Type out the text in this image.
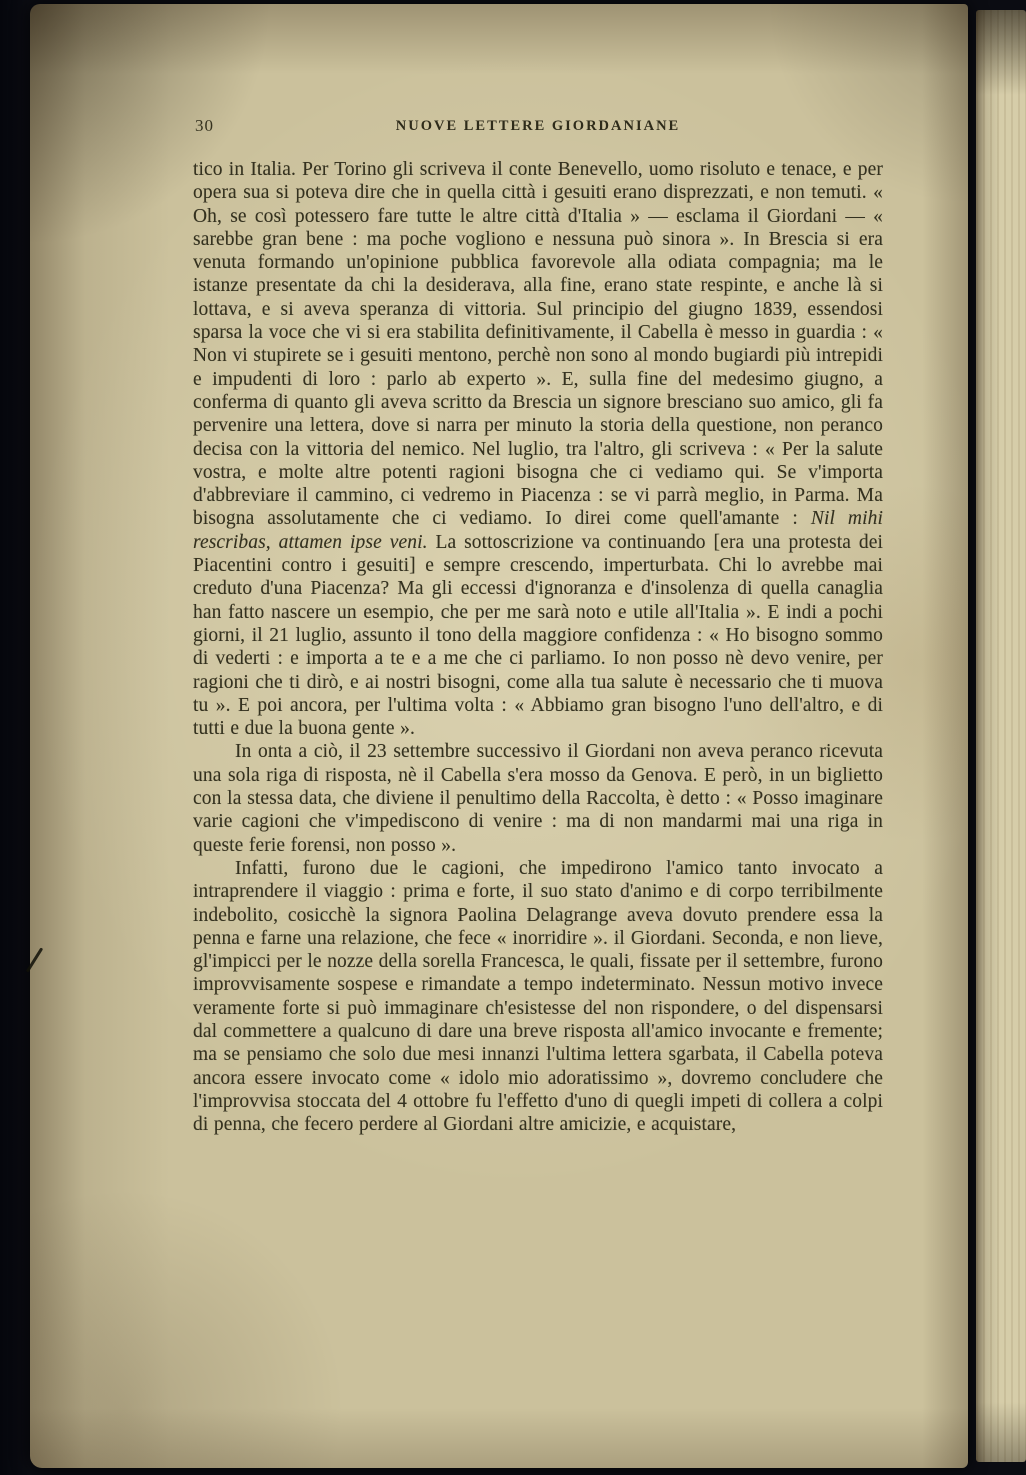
30	NUOVE LETTERE GIORDANIANE

tico in Italia. Per Torino gli scriveva il conte Benevello, uomo risoluto e tenace, e per opera sua si poteva dire che in quella città i gesuiti erano disprezzati, e non temuti. « Oh, se così potessero fare tutte le altre città d'Italia » — esclama il Giordani — « sarebbe gran bene : ma poche vogliono e nessuna può sinora ». In Brescia si era venuta formando un'opinione pubblica favorevole alla odiata compagnia; ma le istanze presentate da chi la desiderava, alla fine, erano state respinte, e anche là si lottava, e si aveva speranza di vittoria. Sul principio del giugno 1839, essendosi sparsa la voce che vi si era stabilita definitivamente, il Cabella è messo in guardia : « Non vi stupirete se i gesuiti mentono, perchè non sono al mondo bugiardi più intrepidi e impudenti di loro : parlo ab experto ». E, sulla fine del medesimo giugno, a conferma di quanto gli aveva scritto da Brescia un signore bresciano suo amico, gli fa pervenire una lettera, dove si narra per minuto la storia della questione, non peranco decisa con la vittoria del nemico. Nel luglio, tra l'altro, gli scriveva : « Per la salute vostra, e molte altre potenti ragioni bisogna che ci vediamo qui. Se v'importa d'abbreviare il cammino, ci vedremo in Piacenza : se vi parrà meglio, in Parma. Ma bisogna assolutamente che ci vediamo. Io direi come quell'amante : Nil mihi rescribas, attamen ipse veni. La sottoscrizione va continuando [era una protesta dei Piacentini contro i gesuiti] e sempre crescendo, imperturbata. Chi lo avrebbe mai creduto d'una Piacenza? Ma gli eccessi d'ignoranza e d'insolenza di quella canaglia han fatto nascere un esempio, che per me sarà noto e utile all'Italia ». E indi a pochi giorni, il 21 luglio, assunto il tono della maggiore confidenza : « Ho bisogno sommo di vederti : e importa a te e a me che ci parliamo. Io non posso nè devo venire, per ragioni che ti dirò, e ai nostri bisogni, come alla tua salute è necessario che ti muova tu ». E poi ancora, per l'ultima volta : « Abbiamo gran bisogno l'uno dell'altro, e di tutti e due la buona gente ».

In onta a ciò, il 23 settembre successivo il Giordani non aveva peranco ricevuta una sola riga di risposta, nè il Cabella s'era mosso da Genova. E però, in un biglietto con la stessa data, che diviene il penultimo della Raccolta, è detto : « Posso imaginare varie cagioni che v'impediscono di venire : ma di non mandarmi mai una riga in queste ferie forensi, non posso ».

Infatti, furono due le cagioni, che impedirono l'amico tanto invocato a intraprendere il viaggio : prima e forte, il suo stato d'animo e di corpo terribilmente indebolito, cosicchè la signora Paolina Delagrange aveva dovuto prendere essa la penna e farne una relazione, che fece « inorridire ». il Giordani. Seconda, e non lieve, gl'impicci per le nozze della sorella Francesca, le quali, fissate per il settembre, furono improvvisamente sospese e rimandate a tempo indeterminato. Nessun motivo invece veramente forte si può immaginare ch'esistesse del non rispondere, o del dispensarsi dal commettere a qualcuno di dare una breve risposta all'amico invocante e fremente; ma se pensiamo che solo due mesi innanzi l'ultima lettera sgarbata, il Cabella poteva ancora essere invocato come « idolo mio adoratissimo », dovremo concludere che l'improvvisa stoccata del 4 ottobre fu l'effetto d'uno di quegli impeti di collera a colpi di penna, che fecero perdere al Giordani altre amicizie, e acquistare,
